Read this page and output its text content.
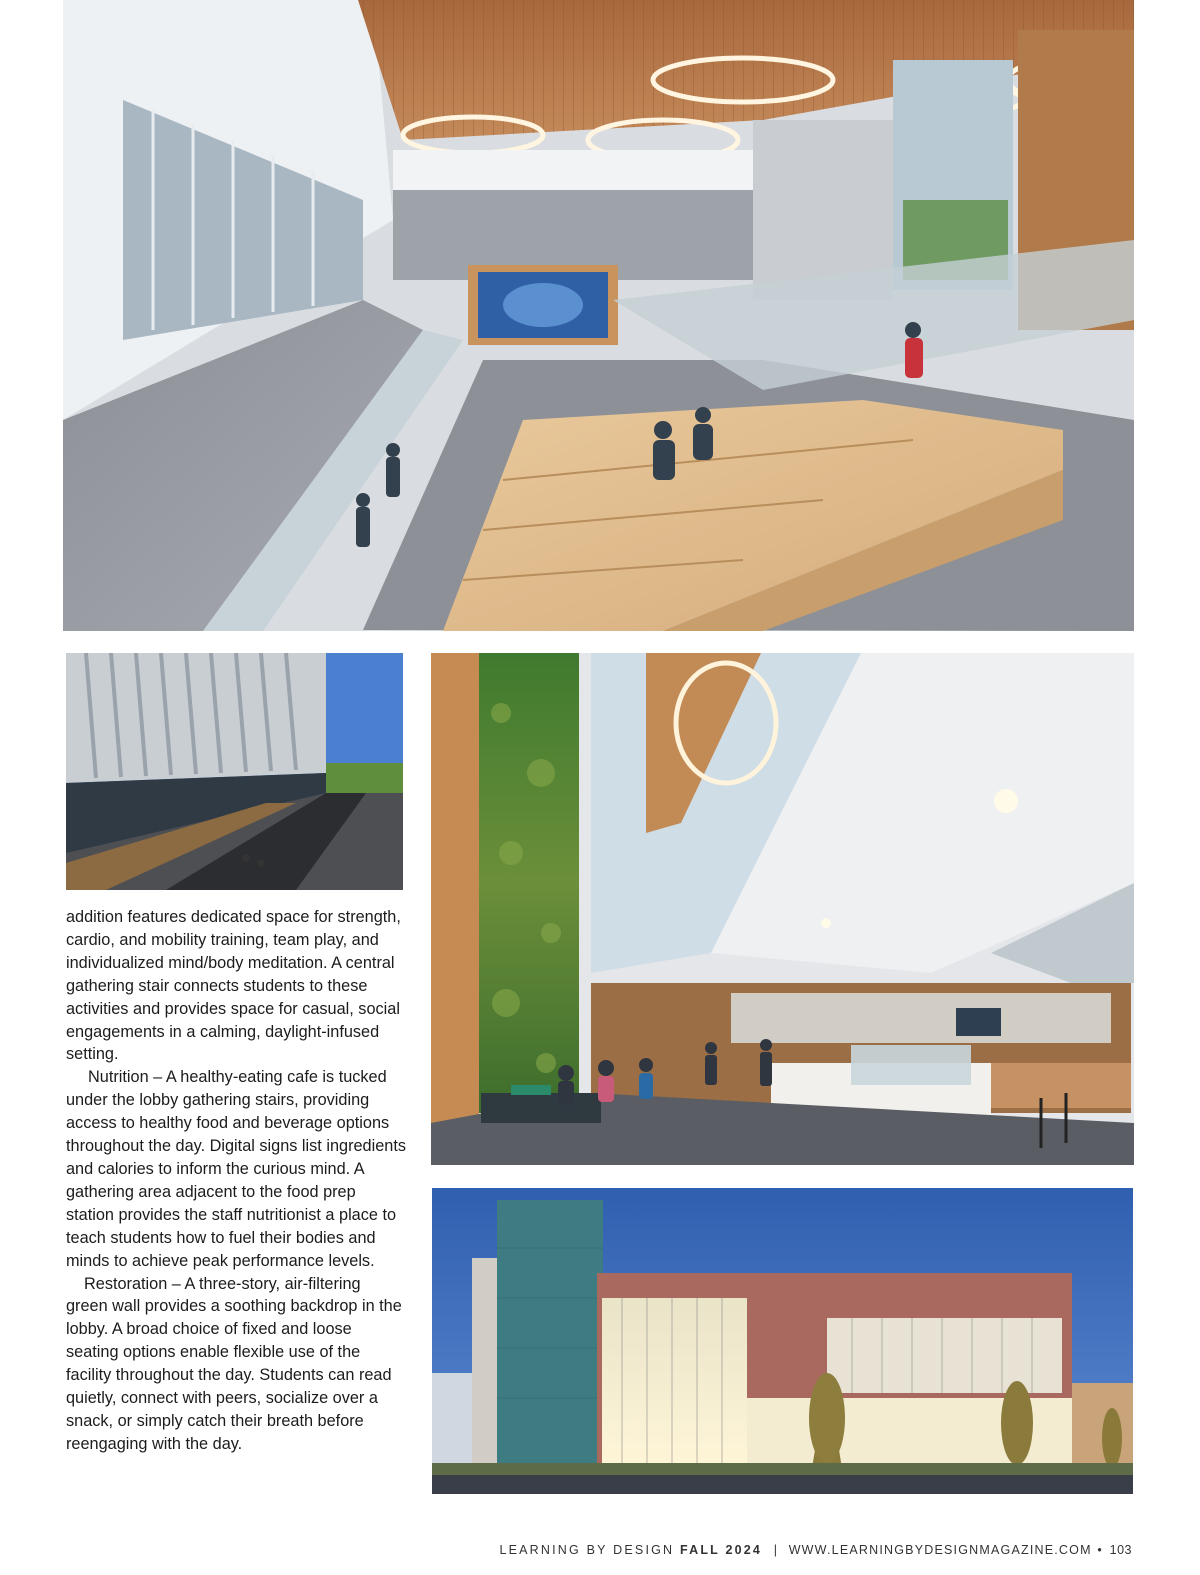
addition features dedicated space for strength, cardio, and mobility training, team play, and individualized mind/body meditation. A central gathering stair connects students to these activities and provides space for casual, social engagements in a calming, daylight-infused setting.

Nutrition – A healthy-eating cafe is tucked under the lobby gathering stairs, providing access to healthy food and beverage options throughout the day. Digital signs list ingredients and calories to inform the curious mind. A gathering area adjacent to the food prep station provides the staff nutritionist a place to teach students how to fuel their bodies and minds to achieve peak performance levels.

Restoration – A three-story, air-filtering green wall provides a soothing backdrop in the lobby. A broad choice of fixed and loose seating options enable flexible use of the facility throughout the day. Students can read quietly, connect with peers, socialize over a snack, or simply catch their breath before reengaging with the day.

LEARNING BY DESIGN FALL 2024 | WWW.LEARNINGBYDESIGNMAGAZINE.COM • 103
